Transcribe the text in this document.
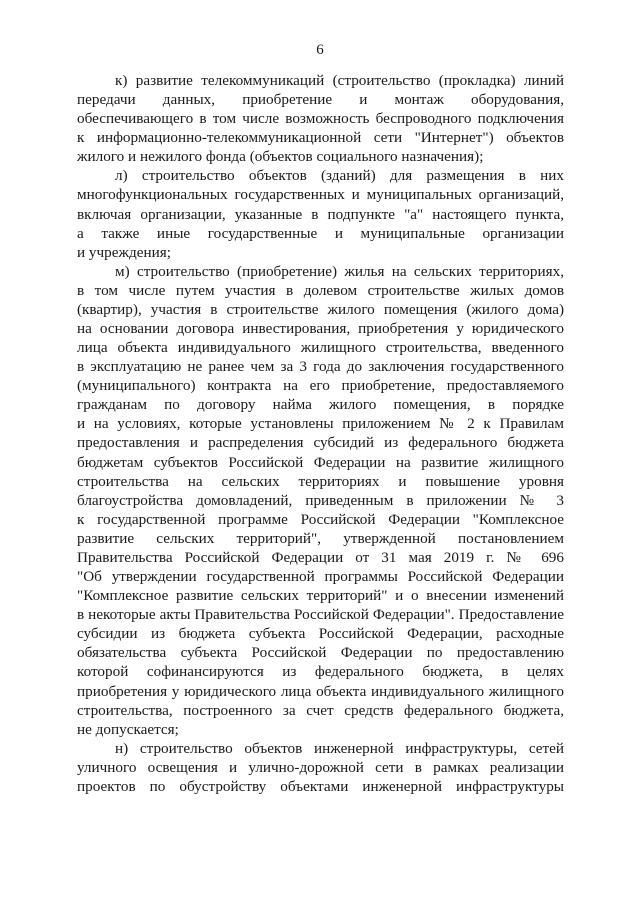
6
к) развитие телекоммуникаций (строительство (прокладка) линий
передачи данных, приобретение и монтаж оборудования,
обеспечивающего в том числе возможность беспроводного подключения
к информационно-телекоммуникационной сети "Интернет") объектов
жилого и нежилого фонда (объектов социального назначения);
л) строительство объектов (зданий) для размещения в них
многофункциональных государственных и муниципальных организаций,
включая организации, указанные в подпункте "а" настоящего пункта,
а также иные государственные и муниципальные организации
и учреждения;
м) строительство (приобретение) жилья на сельских территориях,
в том числе путем участия в долевом строительстве жилых домов
(квартир), участия в строительстве жилого помещения (жилого дома)
на основании договора инвестирования, приобретения у юридического
лица объекта индивидуального жилищного строительства, введенного
в эксплуатацию не ранее чем за 3 года до заключения государственного
(муниципального) контракта на его приобретение, предоставляемого
гражданам по договору найма жилого помещения, в порядке
и на условиях, которые установлены приложением № 2 к Правилам
предоставления и распределения субсидий из федерального бюджета
бюджетам субъектов Российской Федерации на развитие жилищного
строительства на сельских территориях и повышение уровня
благоустройства домовладений, приведенным в приложении № 3
к государственной программе Российской Федерации "Комплексное
развитие сельских территорий", утвержденной постановлением
Правительства Российской Федерации от 31 мая 2019 г. № 696
"Об утверждении государственной программы Российской Федерации
"Комплексное развитие сельских территорий" и о внесении изменений
в некоторые акты Правительства Российской Федерации". Предоставление
субсидии из бюджета субъекта Российской Федерации, расходные
обязательства субъекта Российской Федерации по предоставлению
которой софинансируются из федерального бюджета, в целях
приобретения у юридического лица объекта индивидуального жилищного
строительства, построенного за счет средств федерального бюджета,
не допускается;
н) строительство объектов инженерной инфраструктуры, сетей
уличного освещения и улично-дорожной сети в рамках реализации
проектов по обустройству объектами инженерной инфраструктуры
